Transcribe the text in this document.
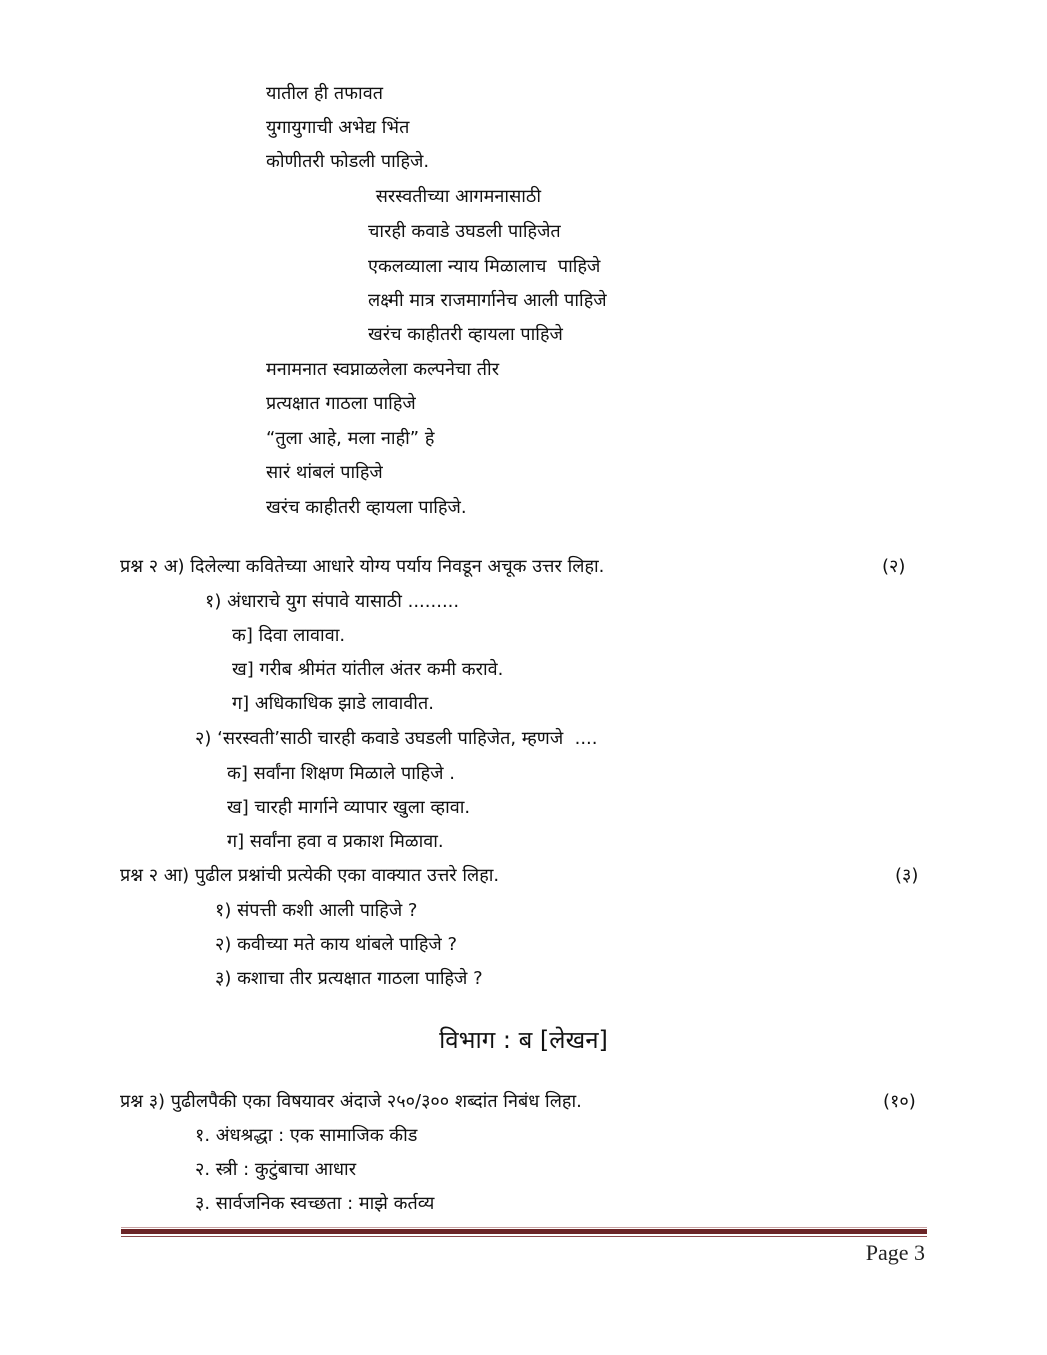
यातील ही तफावत
युगायुगाची अभेद्य भिंत
कोणीतरी फोडली पाहिजे.
सरस्वतीच्या आगमनासाठी
चारही कवाडे उघडली पाहिजेत
एकलव्याला न्याय मिळालाच  पाहिजे
लक्ष्मी मात्र राजमार्गानेच आली पाहिजे
खरंच काहीतरी व्हायला पाहिजे
मनामनात स्वप्नाळलेला कल्पनेचा तीर
प्रत्यक्षात गाठला पाहिजे
“तुला आहे, मला नाही” हे
सारं थांबलं पाहिजे
खरंच काहीतरी व्हायला पाहिजे.
प्रश्न २ अ) दिलेल्या कवितेच्या आधारे योग्य पर्याय निवडून अचूक उत्तर लिहा.	(२)
१) अंधाराचे युग संपावे यासाठी .........
क] दिवा लावावा.
ख] गरीब श्रीमंत यांतील अंतर कमी करावे.
ग] अधिकाधिक झाडे लावावीत.
२) ‘सरस्वती’साठी चारही कवाडे उघडली पाहिजेत, म्हणजे  ....
क] सर्वांना शिक्षण मिळाले पाहिजे .
ख] चारही मार्गाने व्यापार खुला व्हावा.
ग] सर्वांना हवा व प्रकाश मिळावा.
प्रश्न २ आ) पुढील प्रश्नांची प्रत्येकी एका वाक्यात उत्तरे लिहा.	(३)
१) संपत्ती कशी आली पाहिजे ?
२) कवीच्या मते काय थांबले पाहिजे ?
३) कशाचा तीर प्रत्यक्षात गाठला पाहिजे ?
विभाग : ब [लेखन]
प्रश्न ३) पुढीलपैकी एका विषयावर अंदाजे २५०/३०० शब्दांत निबंध लिहा.	(१०)
१. अंधश्रद्धा : एक सामाजिक कीड
२. स्त्री : कुटुंबाचा आधार
३. सार्वजनिक स्वच्छता : माझे कर्तव्य
Page 3
